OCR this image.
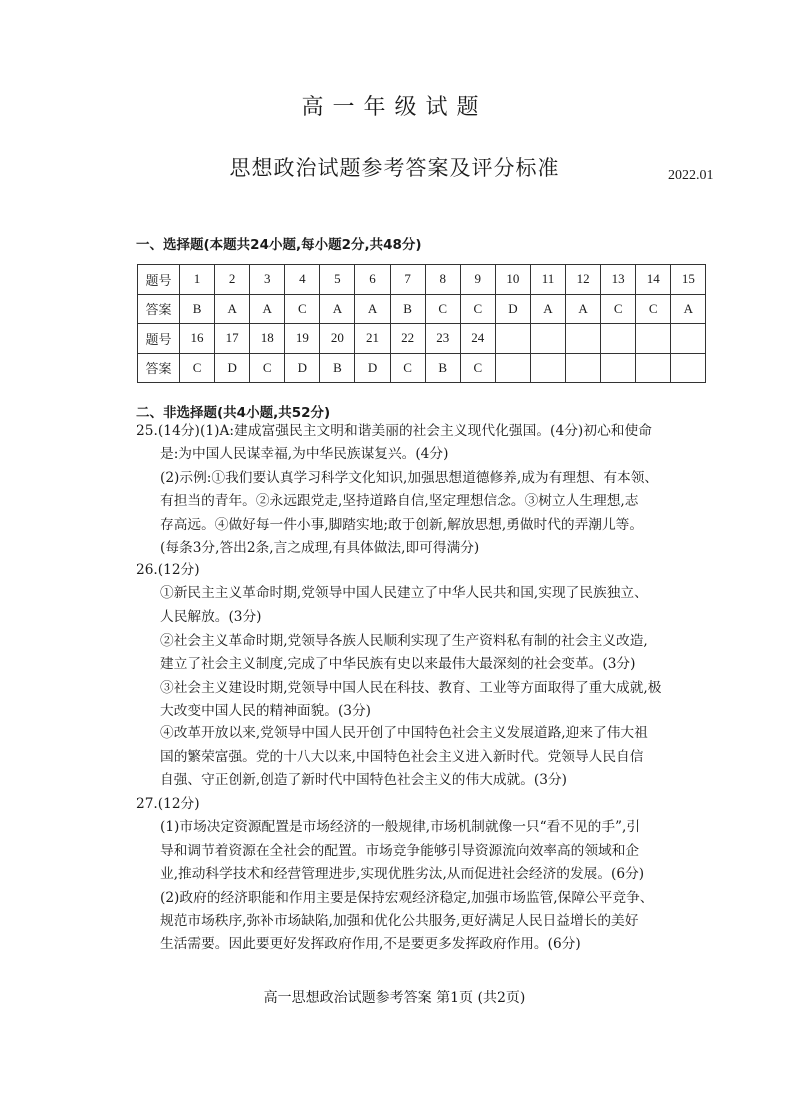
高一年级试题
思想政治试题参考答案及评分标准	2022.01
一、选择题(本题共24小题,每小题2分,共48分)
题号	1	2	3	4	5	6	7	8	9	10	11	12	13	14	15
答案	B	A	A	C	A	A	B	C	C	D	A	A	C	C	A
题号	16	17	18	19	20	21	22	23	24						
答案	C	D	C	D	B	D	C	B	C						
二、非选择题(共4小题,共52分)
25.(14分)(1)A:建成富强民主文明和谐美丽的社会主义现代化强国。(4分)初心和使命
是:为中国人民谋幸福,为中华民族谋复兴。(4分)
(2)示例:①我们要认真学习科学文化知识,加强思想道德修养,成为有理想、有本领、
有担当的青年。②永远跟党走,坚持道路自信,坚定理想信念。③树立人生理想,志
存高远。④做好每一件小事,脚踏实地;敢于创新,解放思想,勇做时代的弄潮儿等。
(每条3分,答出2条,言之成理,有具体做法,即可得满分)
26.(12分)
①新民主主义革命时期,党领导中国人民建立了中华人民共和国,实现了民族独立、
人民解放。(3分)
②社会主义革命时期,党领导各族人民顺利实现了生产资料私有制的社会主义改造,
建立了社会主义制度,完成了中华民族有史以来最伟大最深刻的社会变革。(3分)
③社会主义建设时期,党领导中国人民在科技、教育、工业等方面取得了重大成就,极
大改变中国人民的精神面貌。(3分)
④改革开放以来,党领导中国人民开创了中国特色社会主义发展道路,迎来了伟大祖
国的繁荣富强。党的十八大以来,中国特色社会主义进入新时代。党领导人民自信
自强、守正创新,创造了新时代中国特色社会主义的伟大成就。(3分)
27.(12分)
(1)市场决定资源配置是市场经济的一般规律,市场机制就像一只“看不见的手”,引
导和调节着资源在全社会的配置。市场竞争能够引导资源流向效率高的领域和企
业,推动科学技术和经营管理进步,实现优胜劣汰,从而促进社会经济的发展。(6分)
(2)政府的经济职能和作用主要是保持宏观经济稳定,加强市场监管,保障公平竞争、
规范市场秩序,弥补市场缺陷,加强和优化公共服务,更好满足人民日益增长的美好
生活需要。因此要更好发挥政府作用,不是要更多发挥政府作用。(6分)
高一思想政治试题参考答案 第1页 (共2页)
